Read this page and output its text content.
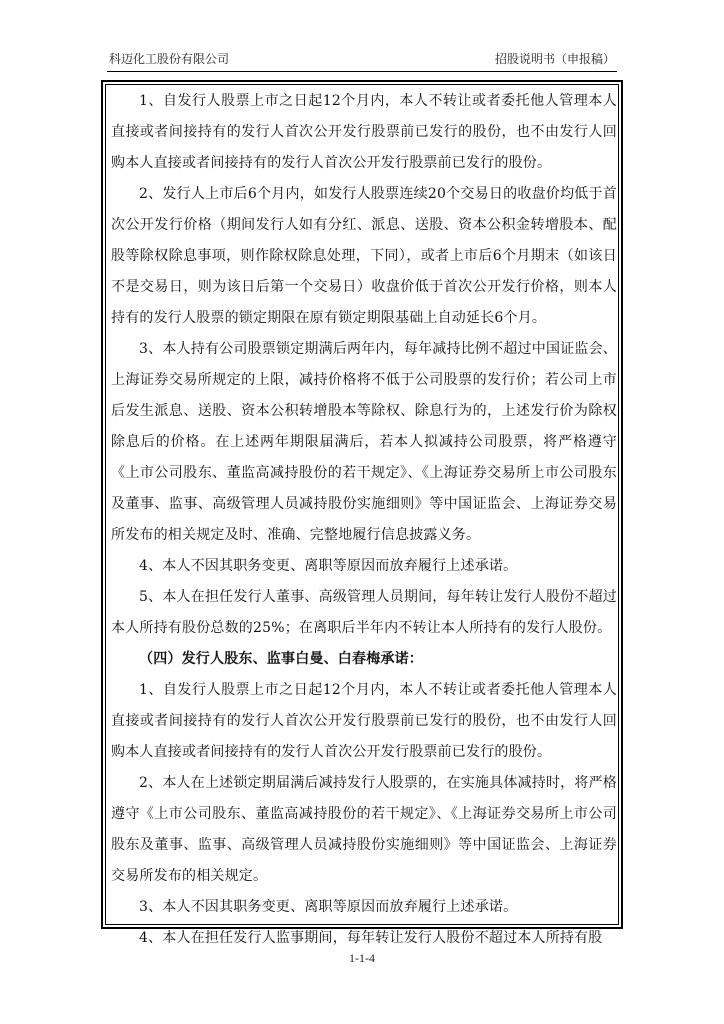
科迈化工股份有限公司	招股说明书（申报稿）

1、自发行人股票上市之日起12个月内，本人不转让或者委托他人管理本人直接或者间接持有的发行人首次公开发行股票前已发行的股份，也不由发行人回购本人直接或者间接持有的发行人首次公开发行股票前已发行的股份。

2、发行人上市后6个月内，如发行人股票连续20个交易日的收盘价均低于首次公开发行价格（期间发行人如有分红、派息、送股、资本公积金转增股本、配股等除权除息事项，则作除权除息处理，下同），或者上市后6个月期末（如该日不是交易日，则为该日后第一个交易日）收盘价低于首次公开发行价格，则本人持有的发行人股票的锁定期限在原有锁定期限基础上自动延长6个月。

3、本人持有公司股票锁定期满后两年内，每年减持比例不超过中国证监会、上海证券交易所规定的上限，减持价格将不低于公司股票的发行价；若公司上市后发生派息、送股、资本公积转增股本等除权、除息行为的，上述发行价为除权除息后的价格。在上述两年期限届满后，若本人拟减持公司股票，将严格遵守《上市公司股东、董监高减持股份的若干规定》、《上海证券交易所上市公司股东及董事、监事、高级管理人员减持股份实施细则》等中国证监会、上海证券交易所发布的相关规定及时、准确、完整地履行信息披露义务。

4、本人不因其职务变更、离职等原因而放弃履行上述承诺。

5、本人在担任发行人董事、高级管理人员期间，每年转让发行人股份不超过本人所持有股份总数的25%；在离职后半年内不转让本人所持有的发行人股份。

（四）发行人股东、监事白曼、白春梅承诺：

1、自发行人股票上市之日起12个月内，本人不转让或者委托他人管理本人直接或者间接持有的发行人首次公开发行股票前已发行的股份，也不由发行人回购本人直接或者间接持有的发行人首次公开发行股票前已发行的股份。

2、本人在上述锁定期届满后减持发行人股票的，在实施具体减持时，将严格遵守《上市公司股东、董监高减持股份的若干规定》、《上海证券交易所上市公司股东及董事、监事、高级管理人员减持股份实施细则》等中国证监会、上海证券交易所发布的相关规定。

3、本人不因其职务变更、离职等原因而放弃履行上述承诺。

4、本人在担任发行人监事期间，每年转让发行人股份不超过本人所持有股

1-1-4
